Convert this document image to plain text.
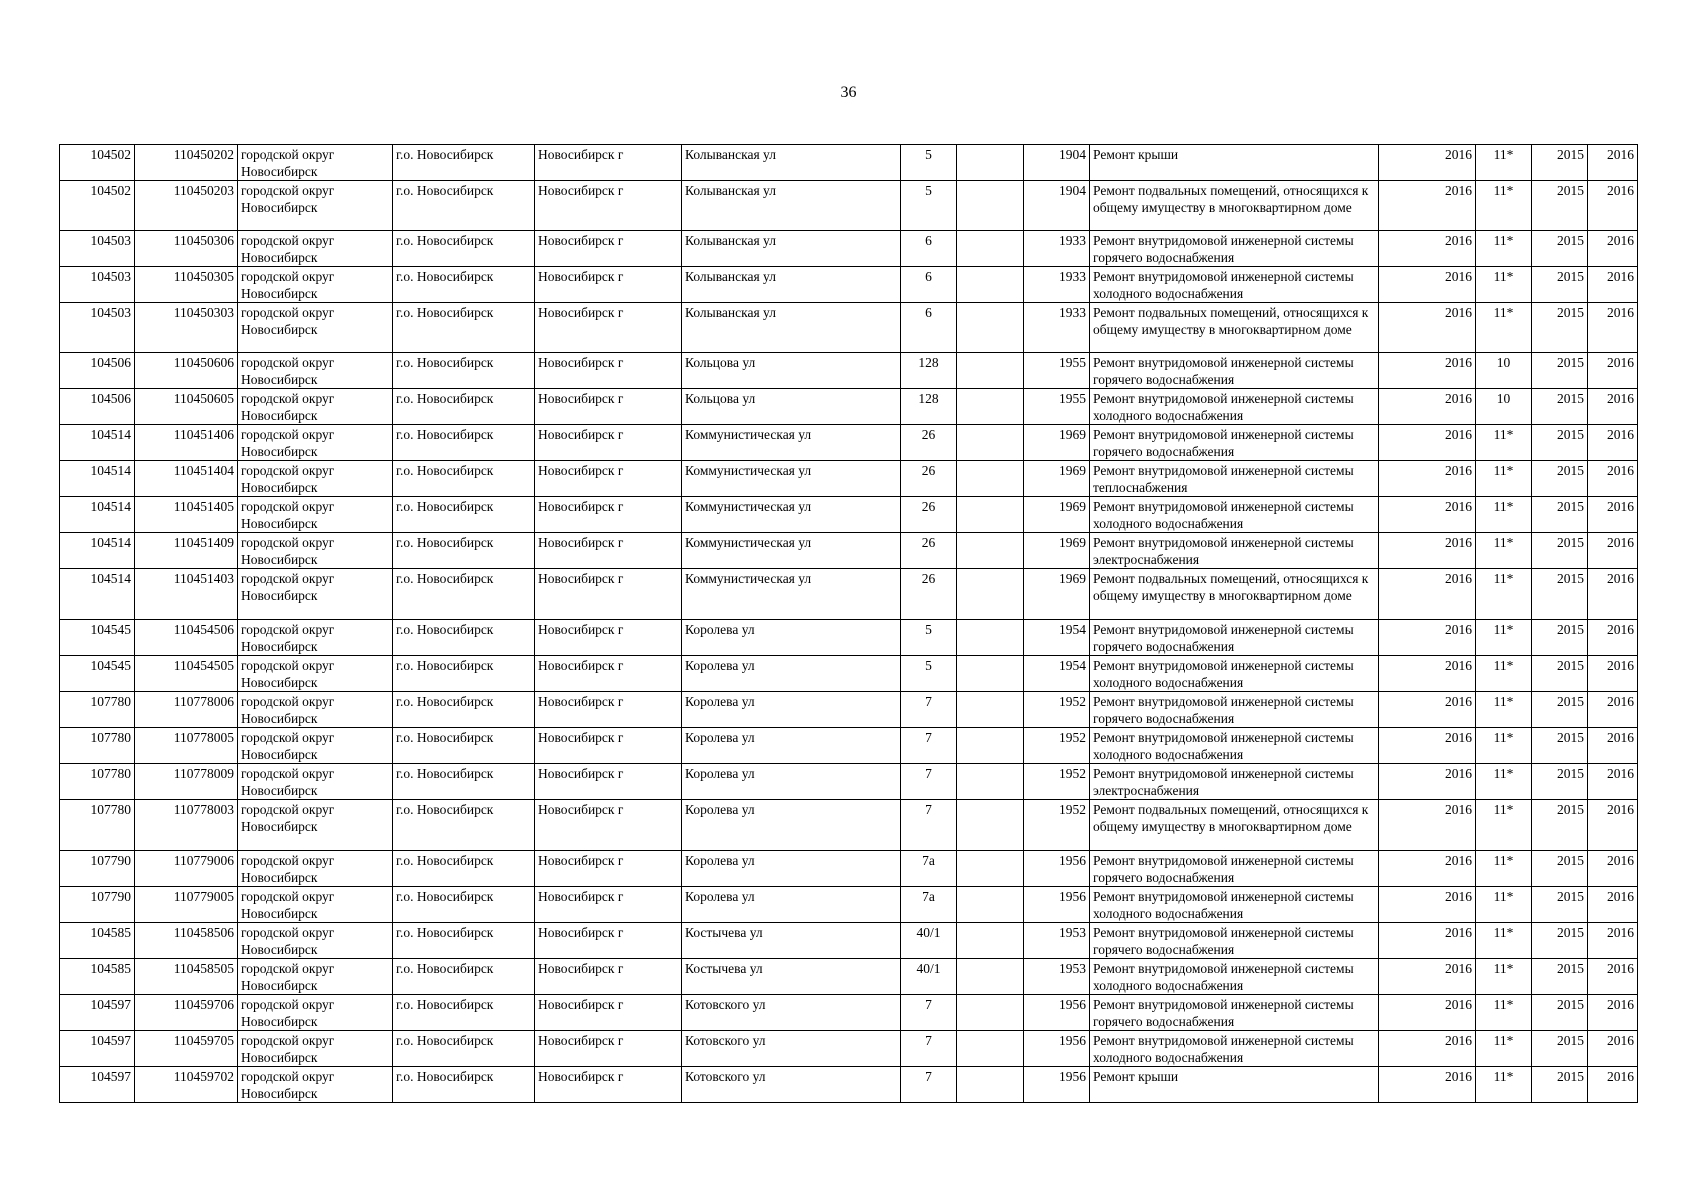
36
104502	110450202	городской округ Новосибирск	г.о. Новосибирск	Новосибирск г	Колыванская ул	5		1904	Ремонт крыши	2016	11*	2015	2016
104502	110450203	городской округ Новосибирск	г.о. Новосибирск	Новосибирск г	Колыванская ул	5		1904	Ремонт подвальных помещений, относящихся к общему имуществу в многоквартирном доме	2016	11*	2015	2016
104503	110450306	городской округ Новосибирск	г.о. Новосибирск	Новосибирск г	Колыванская ул	6		1933	Ремонт внутридомовой инженерной системы горячего водоснабжения	2016	11*	2015	2016
104503	110450305	городской округ Новосибирск	г.о. Новосибирск	Новосибирск г	Колыванская ул	6		1933	Ремонт внутридомовой инженерной системы холодного водоснабжения	2016	11*	2015	2016
104503	110450303	городской округ Новосибирск	г.о. Новосибирск	Новосибирск г	Колыванская ул	6		1933	Ремонт подвальных помещений, относящихся к общему имуществу в многоквартирном доме	2016	11*	2015	2016
104506	110450606	городской округ Новосибирск	г.о. Новосибирск	Новосибирск г	Кольцова ул	128		1955	Ремонт внутридомовой инженерной системы горячего водоснабжения	2016	10	2015	2016
104506	110450605	городской округ Новосибирск	г.о. Новосибирск	Новосибирск г	Кольцова ул	128		1955	Ремонт внутридомовой инженерной системы холодного водоснабжения	2016	10	2015	2016
104514	110451406	городской округ Новосибирск	г.о. Новосибирск	Новосибирск г	Коммунистическая ул	26		1969	Ремонт внутридомовой инженерной системы горячего водоснабжения	2016	11*	2015	2016
104514	110451404	городской округ Новосибирск	г.о. Новосибирск	Новосибирск г	Коммунистическая ул	26		1969	Ремонт внутридомовой инженерной системы теплоснабжения	2016	11*	2015	2016
104514	110451405	городской округ Новосибирск	г.о. Новосибирск	Новосибирск г	Коммунистическая ул	26		1969	Ремонт внутридомовой инженерной системы холодного водоснабжения	2016	11*	2015	2016
104514	110451409	городской округ Новосибирск	г.о. Новосибирск	Новосибирск г	Коммунистическая ул	26		1969	Ремонт внутридомовой инженерной системы электроснабжения	2016	11*	2015	2016
104514	110451403	городской округ Новосибирск	г.о. Новосибирск	Новосибирск г	Коммунистическая ул	26		1969	Ремонт подвальных помещений, относящихся к общему имуществу в многоквартирном доме	2016	11*	2015	2016
104545	110454506	городской округ Новосибирск	г.о. Новосибирск	Новосибирск г	Королева ул	5		1954	Ремонт внутридомовой инженерной системы горячего водоснабжения	2016	11*	2015	2016
104545	110454505	городской округ Новосибирск	г.о. Новосибирск	Новосибирск г	Королева ул	5		1954	Ремонт внутридомовой инженерной системы холодного водоснабжения	2016	11*	2015	2016
107780	110778006	городской округ Новосибирск	г.о. Новосибирск	Новосибирск г	Королева ул	7		1952	Ремонт внутридомовой инженерной системы горячего водоснабжения	2016	11*	2015	2016
107780	110778005	городской округ Новосибирск	г.о. Новосибирск	Новосибирск г	Королева ул	7		1952	Ремонт внутридомовой инженерной системы холодного водоснабжения	2016	11*	2015	2016
107780	110778009	городской округ Новосибирск	г.о. Новосибирск	Новосибирск г	Королева ул	7		1952	Ремонт внутридомовой инженерной системы электроснабжения	2016	11*	2015	2016
107780	110778003	городской округ Новосибирск	г.о. Новосибирск	Новосибирск г	Королева ул	7		1952	Ремонт подвальных помещений, относящихся к общему имуществу в многоквартирном доме	2016	11*	2015	2016
107790	110779006	городской округ Новосибирск	г.о. Новосибирск	Новосибирск г	Королева ул	7а		1956	Ремонт внутридомовой инженерной системы горячего водоснабжения	2016	11*	2015	2016
107790	110779005	городской округ Новосибирск	г.о. Новосибирск	Новосибирск г	Королева ул	7а		1956	Ремонт внутридомовой инженерной системы холодного водоснабжения	2016	11*	2015	2016
104585	110458506	городской округ Новосибирск	г.о. Новосибирск	Новосибирск г	Костычева ул	40/1		1953	Ремонт внутридомовой инженерной системы горячего водоснабжения	2016	11*	2015	2016
104585	110458505	городской округ Новосибирск	г.о. Новосибирск	Новосибирск г	Костычева ул	40/1		1953	Ремонт внутридомовой инженерной системы холодного водоснабжения	2016	11*	2015	2016
104597	110459706	городской округ Новосибирск	г.о. Новосибирск	Новосибирск г	Котовского ул	7		1956	Ремонт внутридомовой инженерной системы горячего водоснабжения	2016	11*	2015	2016
104597	110459705	городской округ Новосибирск	г.о. Новосибирск	Новосибирск г	Котовского ул	7		1956	Ремонт внутридомовой инженерной системы холодного водоснабжения	2016	11*	2015	2016
104597	110459702	городской округ Новосибирск	г.о. Новосибирск	Новосибирск г	Котовского ул	7		1956	Ремонт крыши	2016	11*	2015	2016
